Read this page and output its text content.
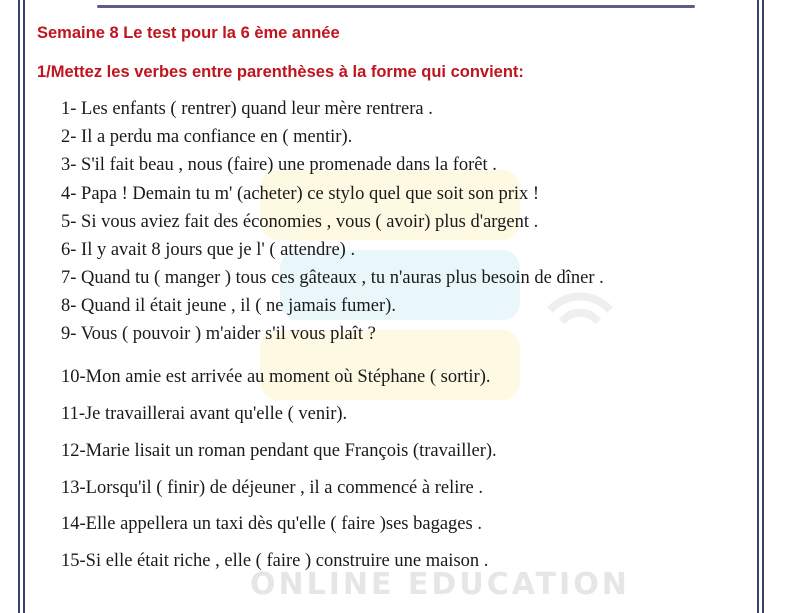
ONLINE EDUCATION
Semaine 8 Le test pour la 6 ème année
1/Mettez les verbes entre parenthèses à la forme qui convient:
1- Les enfants ( rentrer) quand leur mère rentrera .
2- Il a perdu ma confiance en ( mentir).
3- S'il fait beau , nous (faire) une promenade dans la forêt .
4- Papa ! Demain tu m' (acheter) ce stylo quel que soit son prix !
5- Si vous aviez fait des économies , vous ( avoir) plus d'argent .
6- Il y avait 8 jours que je l' ( attendre) .
7- Quand tu ( manger ) tous ces gâteaux , tu n'auras plus besoin de dîner .
8- Quand il était jeune , il ( ne jamais fumer).
9- Vous ( pouvoir ) m'aider s'il vous plaît ?
10-Mon amie est arrivée au moment où Stéphane ( sortir).
11-Je travaillerai avant qu'elle ( venir).
12-Marie lisait un roman pendant que François (travailler).
13-Lorsqu'il ( finir) de déjeuner , il a commencé à relire .
14-Elle appellera un taxi dès qu'elle ( faire )ses bagages .
15-Si elle était riche , elle ( faire ) construire une maison .
